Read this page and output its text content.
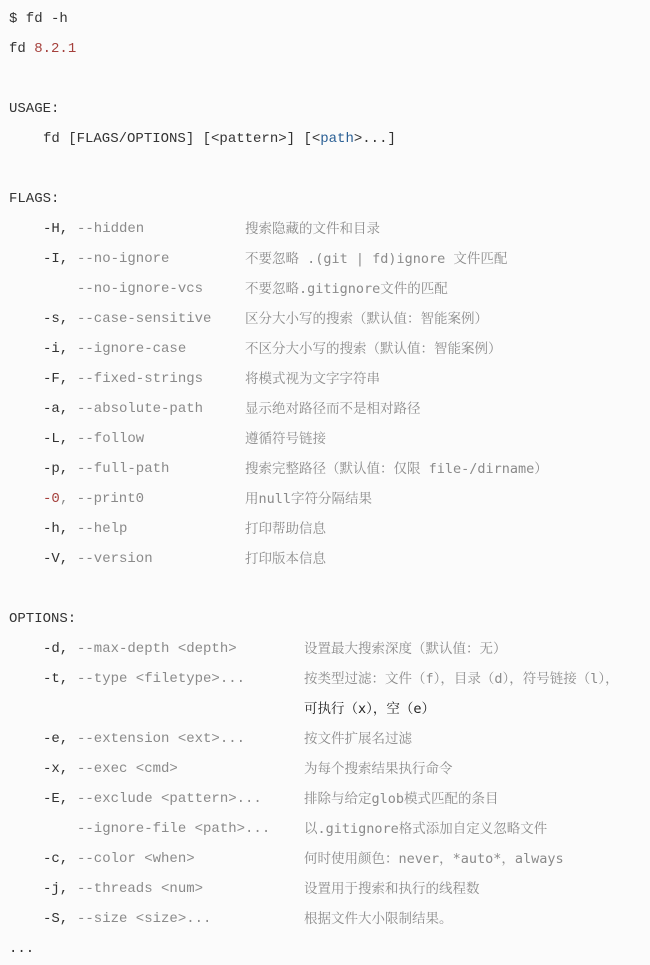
$ fd -h
fd 8.2.1
USAGE:
fd [FLAGS/OPTIONS] [<pattern>] [<path>...]
FLAGS:
-H, --hidden	搜索隐藏的文件和目录
-I, --no-ignore	不要忽略 .(git | fd)ignore 文件匹配
--no-ignore-vcs	不要忽略.gitignore文件的匹配
-s, --case-sensitive 区分大小写的搜索（默认值：智能案例）
-i, --ignore-case	不区分大小写的搜索（默认值：智能案例）
-F, --fixed-strings	将模式视为文字字符串
-a, --absolute-path	显示绝对路径而不是相对路径
-L, --follow	遵循符号链接
-p, --full-path	搜索完整路径（默认值：仅限 file-/dirname）
-0 , --print0	用null字符分隔结果
-h, --help	打印帮助信息
-V, --version	打印版本信息
OPTIONS:
-d, --max-depth <depth>	设置最大搜索深度（默认值：无）
-t, --type <filetype>...	按类型过滤：文件（f），目录（d），符号链接（l），
可执行（x），空（e）
-e, --extension <ext>...	按文件扩展名过滤
-x, --exec <cmd>	为每个搜索结果执行命令
-E, --exclude <pattern>...	排除与给定glob模式匹配的条目
--ignore-file <path>...	以.gitignore格式添加自定义忽略文件
-c, --color <when>	何时使用颜色：never，*auto*，always
-j, --threads <num>	设置用于搜索和执行的线程数
-S, --size <size>...	根据文件大小限制结果。
...
